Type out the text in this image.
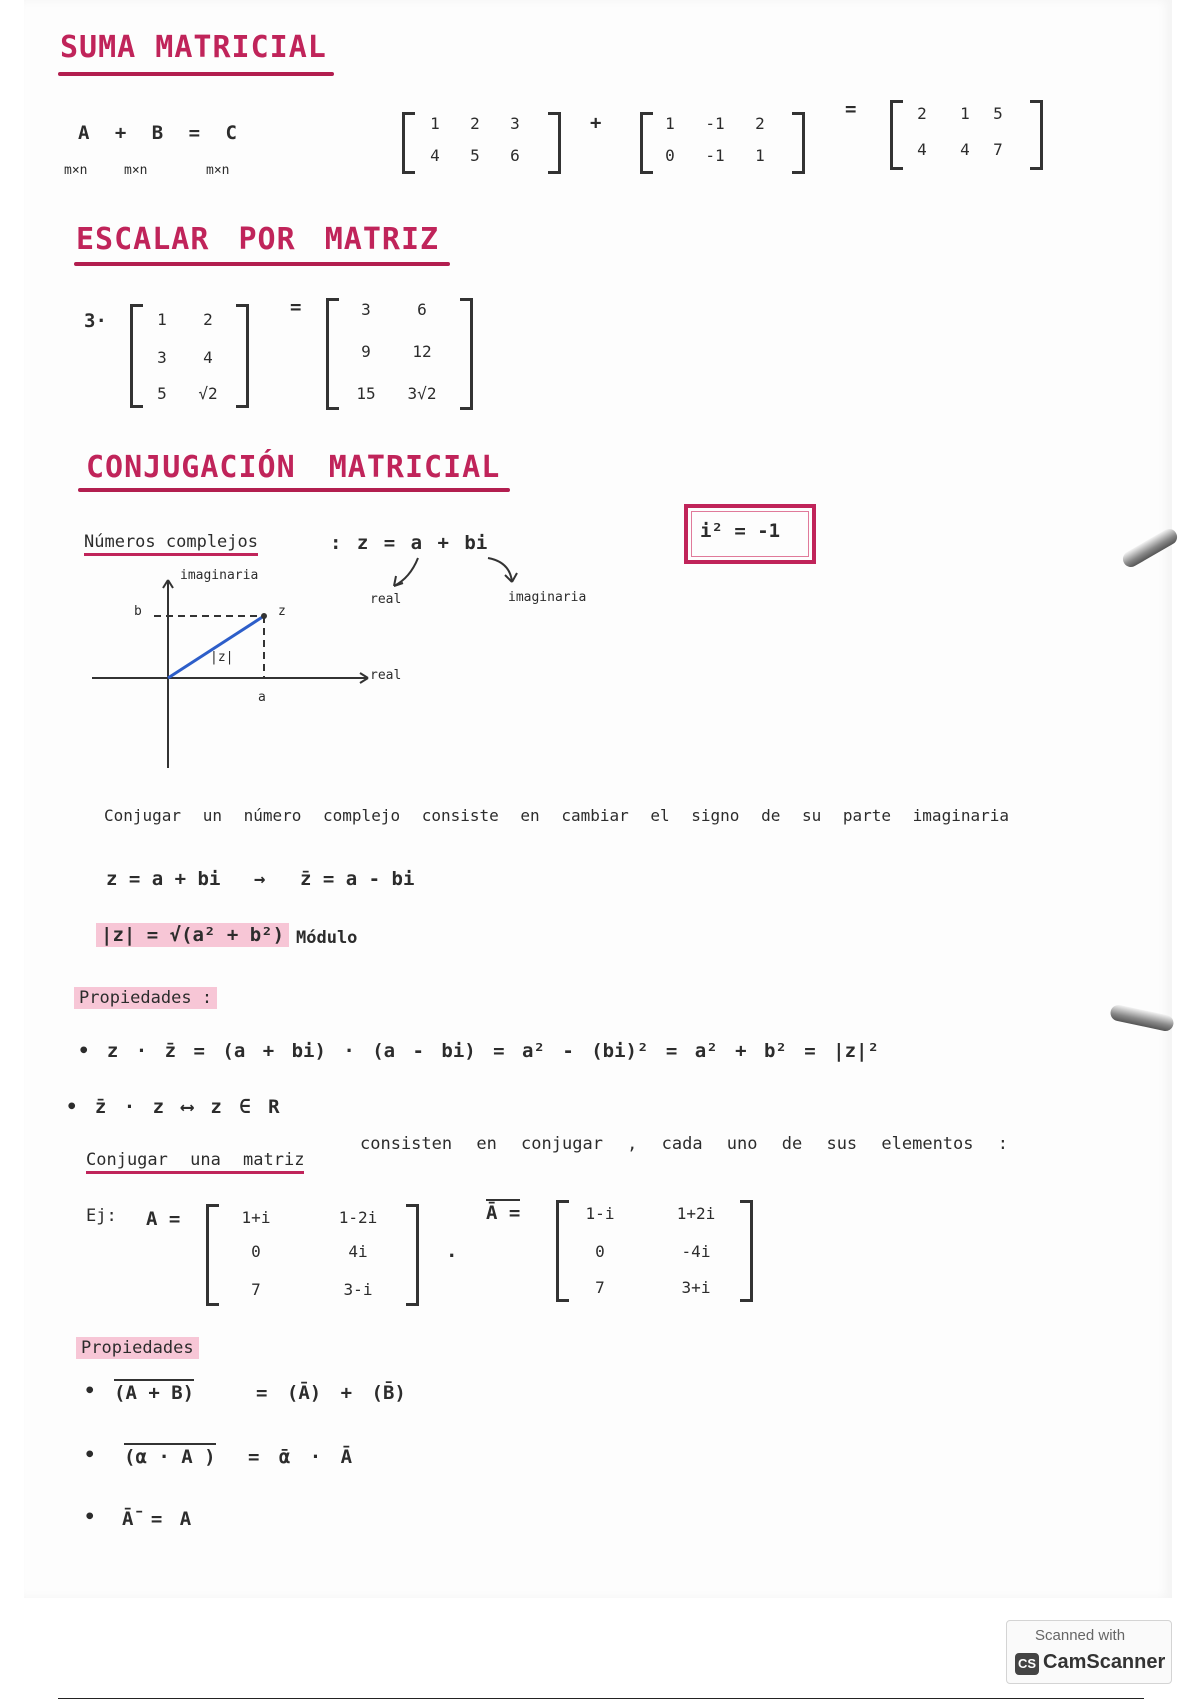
SUMA MATRICIAL
A + B = C
m×n	m×n	m×n
1	2	3
4	5	6
+	1	-1	2
0	-1	1
=	2	1	5
4	4	7
ESCALAR POR MATRIZ
3·	1	2
3	4
5	√2
=	3	6
9	12
15	3√2
CONJUGACIÓN MATRICIAL
Números complejos	: z = a + bi
i² = -1
real	imaginaria
imaginaria
real
b
a
z
|z|
Conjugar un número complejo consiste en cambiar el signo de su parte imaginaria
z = a + bi → z̄ = a - bi
|z| = √(a² + b²) Módulo
Propiedades :
• z · z̄ = (a + bi) · (a - bi) = a² - (bi)² = a² + b² = |z|²
• z̄ · z ⟷ z ∈ R
Conjugar una matriz
consisten en conjugar , cada uno de sus elementos :
Ej: A =	1+i	1-2i
0	4i
7	3-i
.
Ā =	1-i	1+2i
0	-4i
7	3+i
Propiedades
• (A + B)	= (Ā) + (B̄)
• (α · A ) = ᾱ · Ā
• Ā̄ = A
Scanned with
CS CamScanner
